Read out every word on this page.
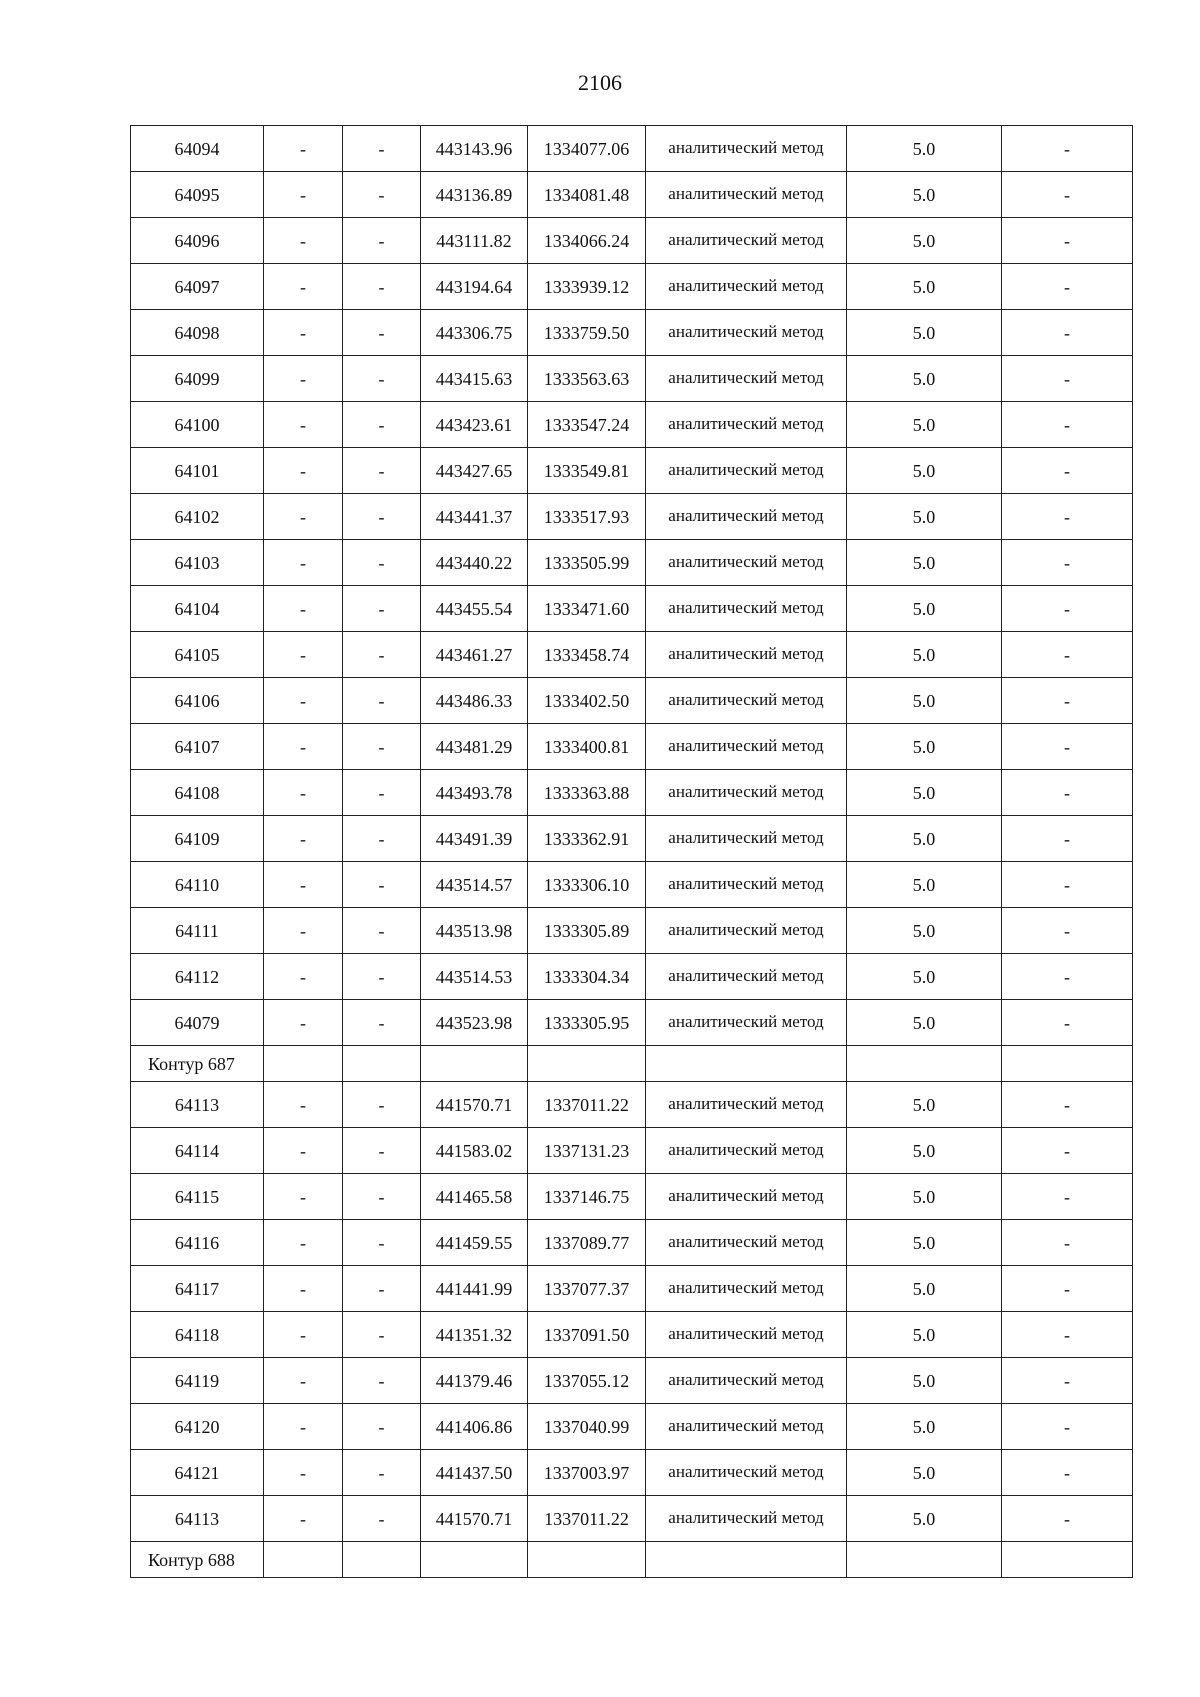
2106
64094	-	-	443143.96	1334077.06	аналитический метод	5.0	-
64095	-	-	443136.89	1334081.48	аналитический метод	5.0	-
64096	-	-	443111.82	1334066.24	аналитический метод	5.0	-
64097	-	-	443194.64	1333939.12	аналитический метод	5.0	-
64098	-	-	443306.75	1333759.50	аналитический метод	5.0	-
64099	-	-	443415.63	1333563.63	аналитический метод	5.0	-
64100	-	-	443423.61	1333547.24	аналитический метод	5.0	-
64101	-	-	443427.65	1333549.81	аналитический метод	5.0	-
64102	-	-	443441.37	1333517.93	аналитический метод	5.0	-
64103	-	-	443440.22	1333505.99	аналитический метод	5.0	-
64104	-	-	443455.54	1333471.60	аналитический метод	5.0	-
64105	-	-	443461.27	1333458.74	аналитический метод	5.0	-
64106	-	-	443486.33	1333402.50	аналитический метод	5.0	-
64107	-	-	443481.29	1333400.81	аналитический метод	5.0	-
64108	-	-	443493.78	1333363.88	аналитический метод	5.0	-
64109	-	-	443491.39	1333362.91	аналитический метод	5.0	-
64110	-	-	443514.57	1333306.10	аналитический метод	5.0	-
64111	-	-	443513.98	1333305.89	аналитический метод	5.0	-
64112	-	-	443514.53	1333304.34	аналитический метод	5.0	-
64079	-	-	443523.98	1333305.95	аналитический метод	5.0	-
Контур 687							
64113	-	-	441570.71	1337011.22	аналитический метод	5.0	-
64114	-	-	441583.02	1337131.23	аналитический метод	5.0	-
64115	-	-	441465.58	1337146.75	аналитический метод	5.0	-
64116	-	-	441459.55	1337089.77	аналитический метод	5.0	-
64117	-	-	441441.99	1337077.37	аналитический метод	5.0	-
64118	-	-	441351.32	1337091.50	аналитический метод	5.0	-
64119	-	-	441379.46	1337055.12	аналитический метод	5.0	-
64120	-	-	441406.86	1337040.99	аналитический метод	5.0	-
64121	-	-	441437.50	1337003.97	аналитический метод	5.0	-
64113	-	-	441570.71	1337011.22	аналитический метод	5.0	-
Контур 688							
